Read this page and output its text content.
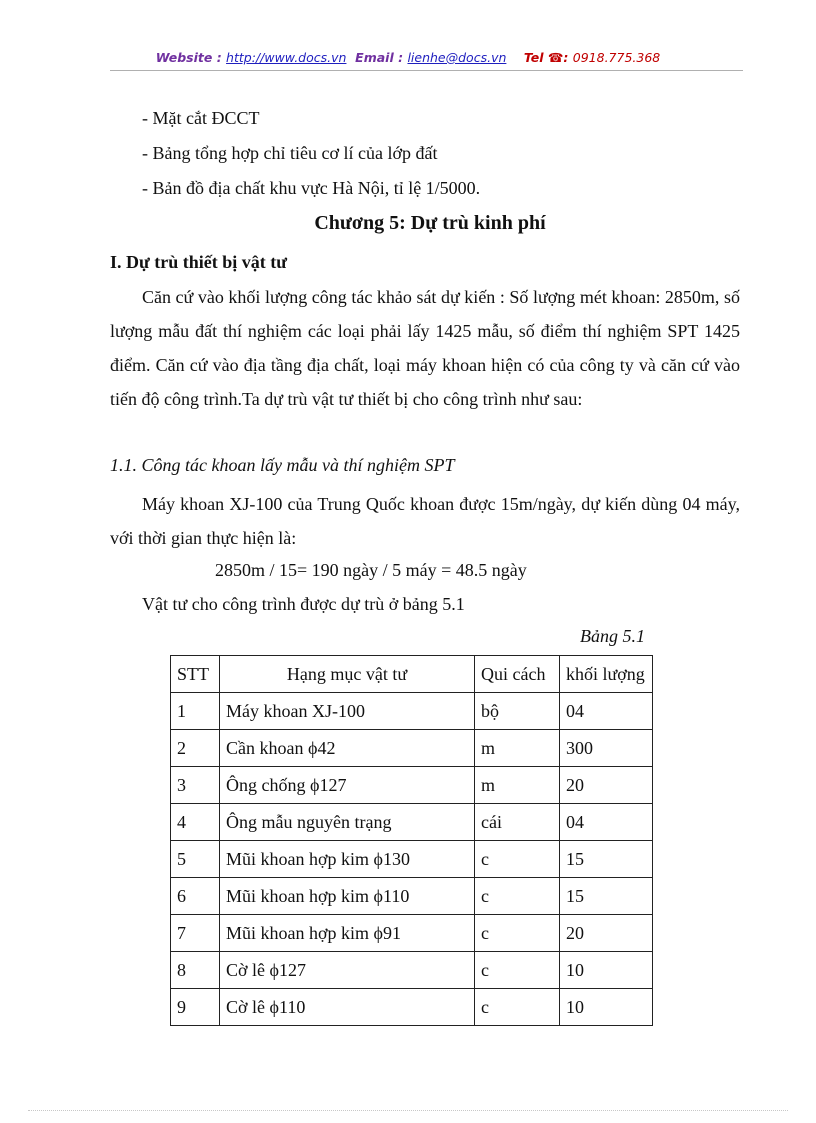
Website : http://www.docs.vn Email : lienhe@docs.vn Tel ☎: 0918.775.368
- Mặt cắt ĐCCT
- Bảng tổng hợp chỉ tiêu cơ lí của lớp đất
- Bản đồ địa chất khu vực Hà Nội, tỉ lệ 1/5000.
Chương 5: Dự trù kinh phí
I. Dự trù thiết bị vật tư
Căn cứ vào khối lượng công tác khảo sát dự kiến : Số lượng mét khoan: 2850m, số lượng mẫu đất thí nghiệm các loại phải lấy 1425 mẫu, số điểm thí nghiệm SPT 1425 điểm. Căn cứ vào địa tầng địa chất, loại máy khoan hiện có của công ty và căn cứ vào tiến độ công trình.Ta dự trù vật tư thiết bị cho công trình như sau:
1.1. Công tác khoan lấy mẫu và thí nghiệm SPT
Máy khoan XJ-100 của Trung Quốc khoan được 15m/ngày, dự kiến dùng 04 máy, với thời gian thực hiện là:
2850m / 15= 190 ngày / 5 máy = 48.5 ngày
Vật tư cho công trình được dự trù ở bảng 5.1
Bảng 5.1
STT	Hạng mục vật tư	Qui cách	khối lượng
1	Máy khoan XJ-100	bộ	04
2	Cần khoan ϕ42	m	300
3	Ông chống ϕ127	m	20
4	Ông mẫu nguyên trạng	cái	04
5	Mũi khoan hợp kim ϕ130	c	15
6	Mũi khoan hợp kim ϕ110	c	15
7	Mũi khoan hợp kim ϕ91	c	20
8	Cờ lê ϕ127	c	10
9	Cờ lê ϕ110	c	10
